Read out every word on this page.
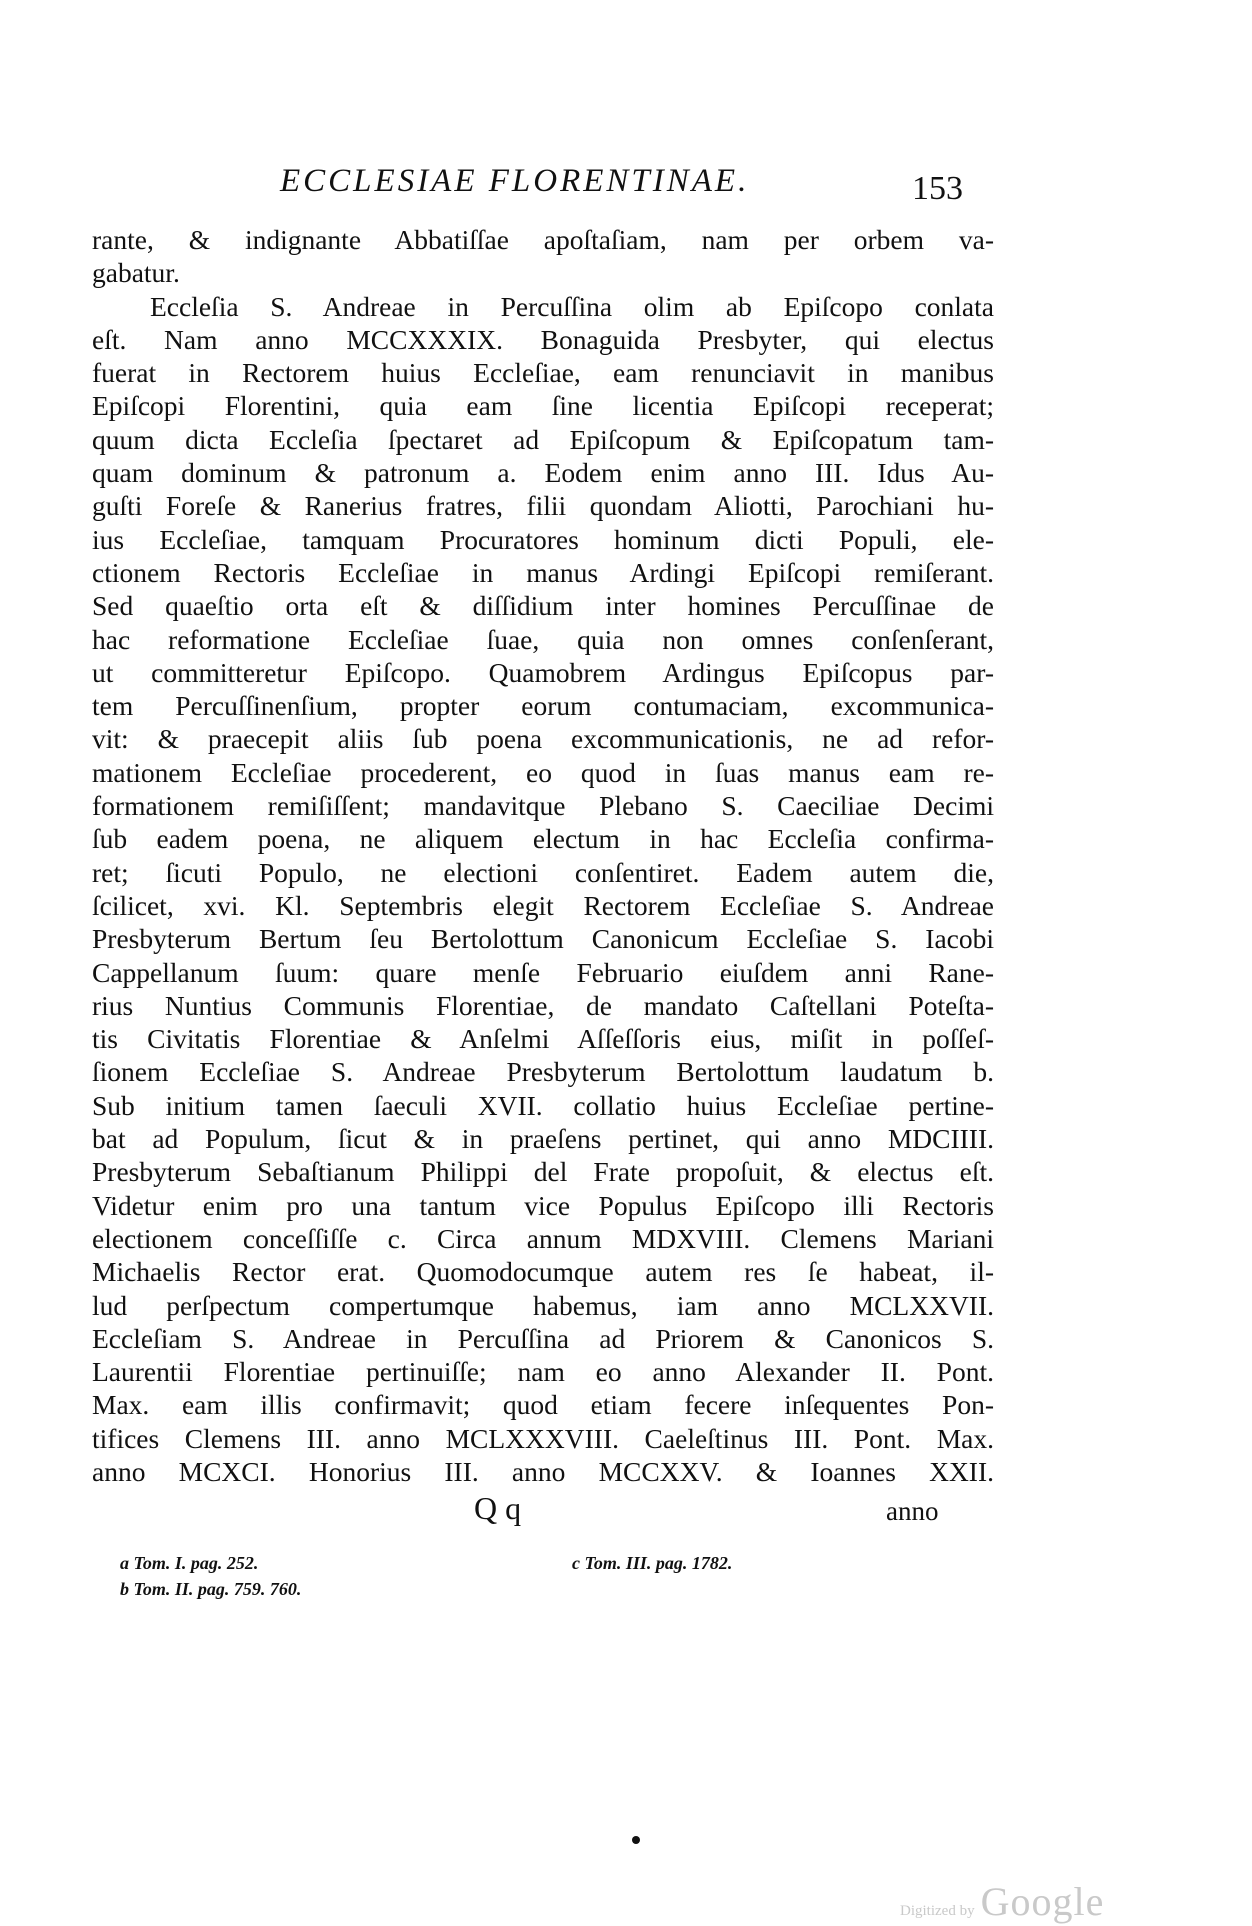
ECCLESIAE FLORENTINAE.	153
rante, & indignante Abbatiſſae apoſtaſiam, nam per orbem va-
gabatur.
Eccleſia S. Andreae in Percuſſina olim ab Epiſcopo conlata
eſt. Nam anno MCCXXXIX. Bonaguida Presbyter, qui electus
fuerat in Rectorem huius Eccleſiae, eam renunciavit in manibus
Epiſcopi Florentini, quia eam ſine licentia Epiſcopi receperat;
quum dicta Eccleſia ſpectaret ad Epiſcopum & Epiſcopatum tam-
quam dominum & patronum a. Eodem enim anno III. Idus Au-
guſti Foreſe & Ranerius fratres, filii quondam Aliotti, Parochiani hu-
ius Eccleſiae, tamquam Procuratores hominum dicti Populi, ele-
ctionem Rectoris Eccleſiae in manus Ardingi Epiſcopi remiſerant.
Sed quaeſtio orta eſt & diſſidium inter homines Percuſſinae de
hac reformatione Eccleſiae ſuae, quia non omnes conſenſerant,
ut committeretur Epiſcopo. Quamobrem Ardingus Epiſcopus par-
tem Percuſſinenſium, propter eorum contumaciam, excommunica-
vit: & praecepit aliis ſub poena excommunicationis, ne ad refor-
mationem Eccleſiae procederent, eo quod in ſuas manus eam re-
formationem remiſiſſent; mandavitque Plebano S. Caeciliae Decimi
ſub eadem poena, ne aliquem electum in hac Eccleſia confirma-
ret; ſicuti Populo, ne electioni conſentiret. Eadem autem die,
ſcilicet, xvi. Kl. Septembris elegit Rectorem Eccleſiae S. Andreae
Presbyterum Bertum ſeu Bertolottum Canonicum Eccleſiae S. Iacobi
Cappellanum ſuum: quare menſe Februario eiuſdem anni Rane-
rius Nuntius Communis Florentiae, de mandato Caſtellani Poteſta-
tis Civitatis Florentiae & Anſelmi Aſſeſſoris eius, miſit in poſſeſ-
ſionem Eccleſiae S. Andreae Presbyterum Bertolottum laudatum b.
Sub initium tamen ſaeculi XVII. collatio huius Eccleſiae pertine-
bat ad Populum, ſicut & in praeſens pertinet, qui anno MDCIIII.
Presbyterum Sebaſtianum Philippi del Frate propoſuit, & electus eſt.
Videtur enim pro una tantum vice Populus Epiſcopo illi Rectoris
electionem conceſſiſſe c. Circa annum MDXVIII. Clemens Mariani
Michaelis Rector erat. Quomodocumque autem res ſe habeat, il-
lud perſpectum compertumque habemus, iam anno MCLXXVII.
Eccleſiam S. Andreae in Percuſſina ad Priorem & Canonicos S.
Laurentii Florentiae pertinuiſſe; nam eo anno Alexander II. Pont.
Max. eam illis confirmavit; quod etiam fecere inſequentes Pon-
tifices Clemens III. anno MCLXXXVIII. Caeleſtinus III. Pont. Max.
anno MCXCI. Honorius III. anno MCCXXV. & Ioannes XXII.
Q q	anno
a Tom. I. pag. 252.
b Tom. II. pag. 759. 760.
c Tom. III. pag. 1782.
Digitized by Google
